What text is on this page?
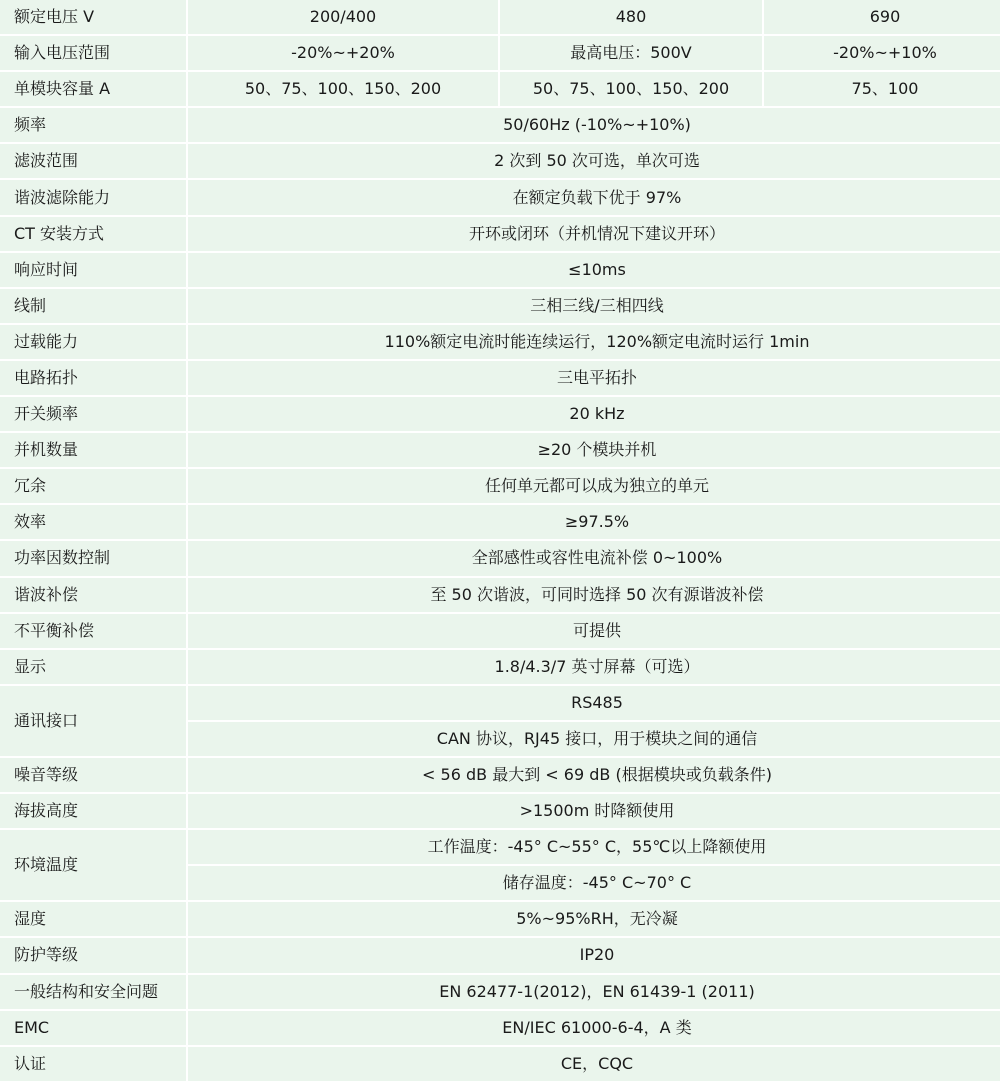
额定电压 V	200/400	480	690
输入电压范围	-20%~+20%	最高电压：500V	-20%~+10%
单模块容量 A	50、75、100、150、200	50、75、100、150、200	75、100
频率	50/60Hz (-10%~+10%)		
滤波范围	2 次到 50 次可选，单次可选		
谐波滤除能力	在额定负载下优于 97%		
CT 安装方式	开环或闭环（并机情况下建议开环）		
响应时间	≤10ms		
线制	三相三线/三相四线		
过载能力	110%额定电流时能连续运行，120%额定电流时运行 1min		
电路拓扑	三电平拓扑		
开关频率	20 kHz		
并机数量	≥20 个模块并机		
冗余	任何单元都可以成为独立的单元		
效率	≥97.5%		
功率因数控制	全部感性或容性电流补偿 0~100%		
谐波补偿	至 50 次谐波，可同时选择 50 次有源谐波补偿		
不平衡补偿	可提供		
显示	1.8/4.3/7 英寸屏幕（可选）		
通讯接口	RS485		
	CAN 协议，RJ45 接口，用于模块之间的通信		
噪音等级	< 56 dB 最大到 < 69 dB (根据模块或负载条件)		
海拔高度	>1500m 时降额使用		
环境温度	工作温度：-45° C~55° C，55℃以上降额使用		
	储存温度：-45° C~70° C		
湿度	5%~95%RH，无冷凝		
防护等级	IP20		
一般结构和安全问题	EN 62477-1(2012)，EN 61439-1 (2011)		
EMC	EN/IEC 61000-6-4，A 类		
认证	CE，CQC		
